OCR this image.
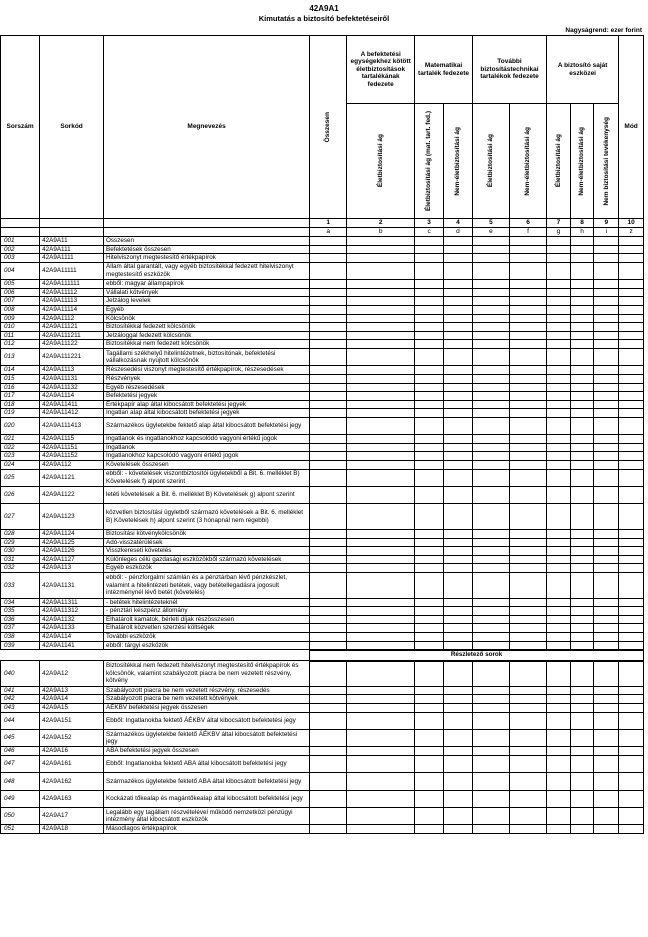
42A9A1
Kimutatás a biztosító befektetéseiről
Nagyságrend: ezer forint
Sorszám	Sorkód	Megnevezés	Összesen	A befektetési egységekhez kötött életbiztosítások tartalékának fedezete	Matematikai tartalék fedezete		További biztosítástechnikai tartalékok fedezete		A biztosító saját eszközei			Mód

				Életbiztosítási ág	Életbiztosítási ág (mat. tart. fed.)	Nem-életbiztosítási ág	Életbiztosítási ág	Nem-életbiztosítási ág	Életbiztosítási ág	Nem-életbiztosítási ág	Nem biztosítási tevékenység	

			1	2	3	4	5	6	7	8	9	10
			a	b	c	d	e	f	g	h	i	z
001	42A9A11	Összesen										
002	42A9A111	Befektetések összesen										
003	42A9A1111	Hitelviszonyt megtestesítő értékpapírok										
004	42A9A11111	Állam által garantált, vagy egyéb biztosítékkal fedezett hitelviszonyt megtestesítő eszközök										
005	42A9A111111	ebből: magyar állampapírok										
006	42A9A11112	Vállalati kötvények										
007	42A9A11113	Jelzálog levelek										
008	42A9A11114	Egyéb										
009	42A9A1112	Kölcsönök										
010	42A9A11121	Biztosítékkal fedezett kölcsönök										
011	42A9A111211	Jelzáloggal fedezett kölcsönök										
012	42A9A11122	Biztosítékkal nem fedezett kölcsönök										
013	42A9A111221	Tagállami székhelyű hitelintézetnek, biztosítónak, befektetési vállalkozásnak nyújtott kölcsönök										
014	42A9A1113	Részesedési viszonyt megtestesítő értékpapírok, részesedések										
015	42A9A11131	Részvények										
016	42A9A11132	Egyéb részesedések										
017	42A9A1114	Befektetési jegyek										
018	42A9A11411	Értékpapír alap által kibocsátott befektetési jegyek										
019	42A9A11412	Ingatlan alap által kibocsátott befektetési jegyek										
020	42A9A111413	Származékos ügyletekbe fektető alap által kibocsátott befektetési jegy										
021	42A9A1115	Ingatlanok és ingatlanokhoz kapcsolódó vagyoni értékű jogok										
022	42A9A11151	Ingatlanok										
023	42A9A11152	Ingatlanokhoz kapcsolódó vagyoni értékű jogok										
024	42A9A112	Követelések összesen										
025	42A9A1121	ebből: - követelések viszontbiztosítói ügyletekből a Bit. 6. melléklet B) Követelések f) alpont szerint										
026	42A9A1122	letéti követelések a Bit. 6. melléklet B) Követelések g) alpont szerint										
027	42A9A1123	közvetlen biztosítási ügyletből származó követelések a Bit. 6. melléklet B) Követelések h) alpont szerint (3 hónapnál nem régebbi)										
028	42A9A1124	Biztosítási kötvénykölcsönök										
029	42A9A1125	Adó-visszatérülések										
030	42A9A1126	Visszkereseti követelés										
031	42A9A1127	Különleges célú gazdasági eszközökből származó követelések										
032	42A9A113	Egyéb eszközök										
033	42A9A1131	ebből: - pénzforgalmi számlán és a pénztárban lévő pénzkészlet, valamint a hitelintézeti betétek, vagy betétellegadásra jogosult intézménynél lévő betét (követelés)										
034	42A9A11311	- betétek hitelintézeteknél										
035	42A9A11312	- pénztári készpénz állomány										
036	42A9A1132	Elhatárolt kamatok, bérleti díjak részösszesen										
037	42A9A1133	Elhatárolt közvetlen szerzési költségek										
038	42A9A114	További eszközök										
039	42A9A1141	ebből: tárgyi eszközök										
			Részletező sorok									
040	42A9A12	Biztosítékkal nem fedezett hitelviszonyt megtestesítő értékpapírok és kölcsönök, valamint szabályozott piacra be nem vezetett részvény, kötvény										
041	42A9A13	Szabályozott piacra be nem vezetett részvény, részesedés										
042	42A9A14	Szabályozott piacra be nem vezetett kötvények										
043	42A9A15	ÁÉKBV befektetési jegyek összesen										
044	42A9A151	Ebből: Ingatlanokba fektető ÁÉKBV által kibocsátott befektetési jegy										
045	42A9A152	Származékos ügyletekbe fektető ÁÉKBV által kibocsátott befektetési jegy										
046	42A9A16	ABA befektetési jegyek összesen										
047	42A9A161	Ebből: Ingatlanokba fektető ABA által kibocsátott befektetési jegy										
048	42A9A162	Származékos ügyletekbe fektető ABA által kibocsátott befektetési jegy										
049	42A9A163	Kockázati tőkealap és magántőkealap által kibocsátott befektetési jegy										
050	42A9A17	Legalább egy tagállam részvételével működő nemzetközi pénzügyi intézmény által kibocsátott eszközök										
051	42A9A18	Másodlagos értékpapírok										
